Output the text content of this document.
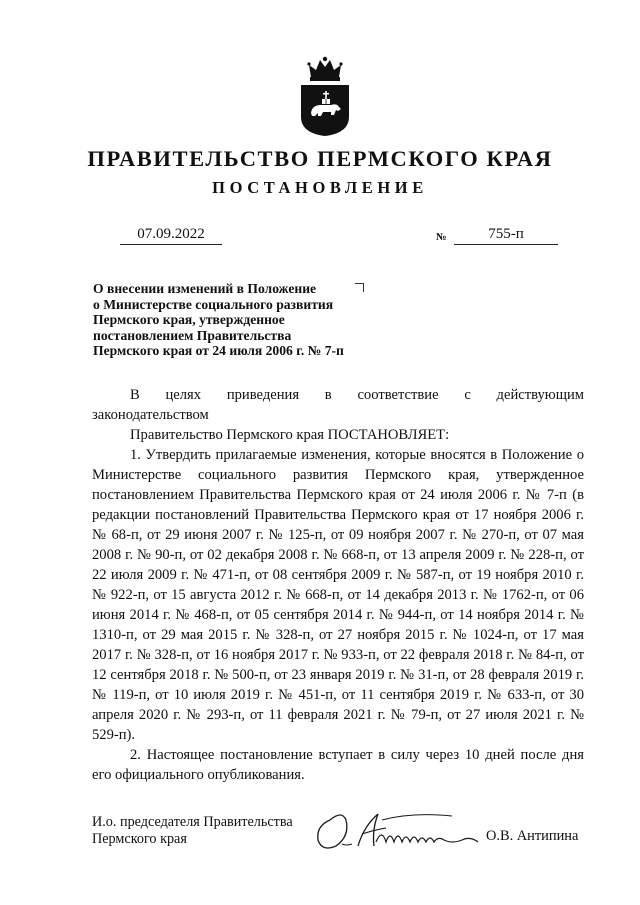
ПРАВИТЕЛЬСТВО ПЕРМСКОГО КРАЯ
ПОСТАНОВЛЕНИЕ
07.09.2022	№	755-п
О внесении изменений в Положение
о Министерстве социального развития
Пермского края, утвержденное
постановлением Правительства
Пермского края от 24 июля 2006 г. № 7-п

В целях приведения в соответствие с действующим

законодательством

Правительство Пермского края ПОСТАНОВЛЯЕТ:

1. Утвердить прилагаемые изменения, которые вносятся в Положение о Министерстве социального развития Пермского края, утвержденное постановлением Правительства Пермского края от 24 июля 2006 г. № 7-п (в редакции постановлений Правительства Пермского края от 17 ноября 2006 г. № 68-п, от 29 июня 2007 г. № 125-п, от 09 ноября 2007 г. № 270-п, от 07 мая 2008 г. № 90-п, от 02 декабря 2008 г. № 668-п, от 13 апреля 2009 г. № 228-п, от 22 июля 2009 г. № 471-п, от 08 сентября 2009 г. № 587-п, от 19 ноября 2010 г. № 922-п, от 15 августа 2012 г. № 668-п, от 14 декабря 2013 г. № 1762-п, от 06 июня 2014 г. № 468-п, от 05 сентября 2014 г. № 944-п, от 14 ноября 2014 г. № 1310-п, от 29 мая 2015 г. № 328-п, от 27 ноября 2015 г. № 1024-п, от 17 мая 2017 г. № 328-п, от 16 ноября 2017 г. № 933-п, от 22 февраля 2018 г. № 84-п, от 12 сентября 2018 г. № 500-п, от 23 января 2019 г. № 31-п, от 28 февраля 2019 г. № 119-п, от 10 июля 2019 г. № 451-п, от 11 сентября 2019 г. № 633-п, от 30 апреля 2020 г. № 293-п, от 11 февраля 2021 г. № 79-п, от 27 июля 2021 г. № 529-п).

2. Настоящее постановление вступает в силу через 10 дней после дня его официального опубликования.

И.о. председателя Правительства
Пермского края	О.В. Антипина
